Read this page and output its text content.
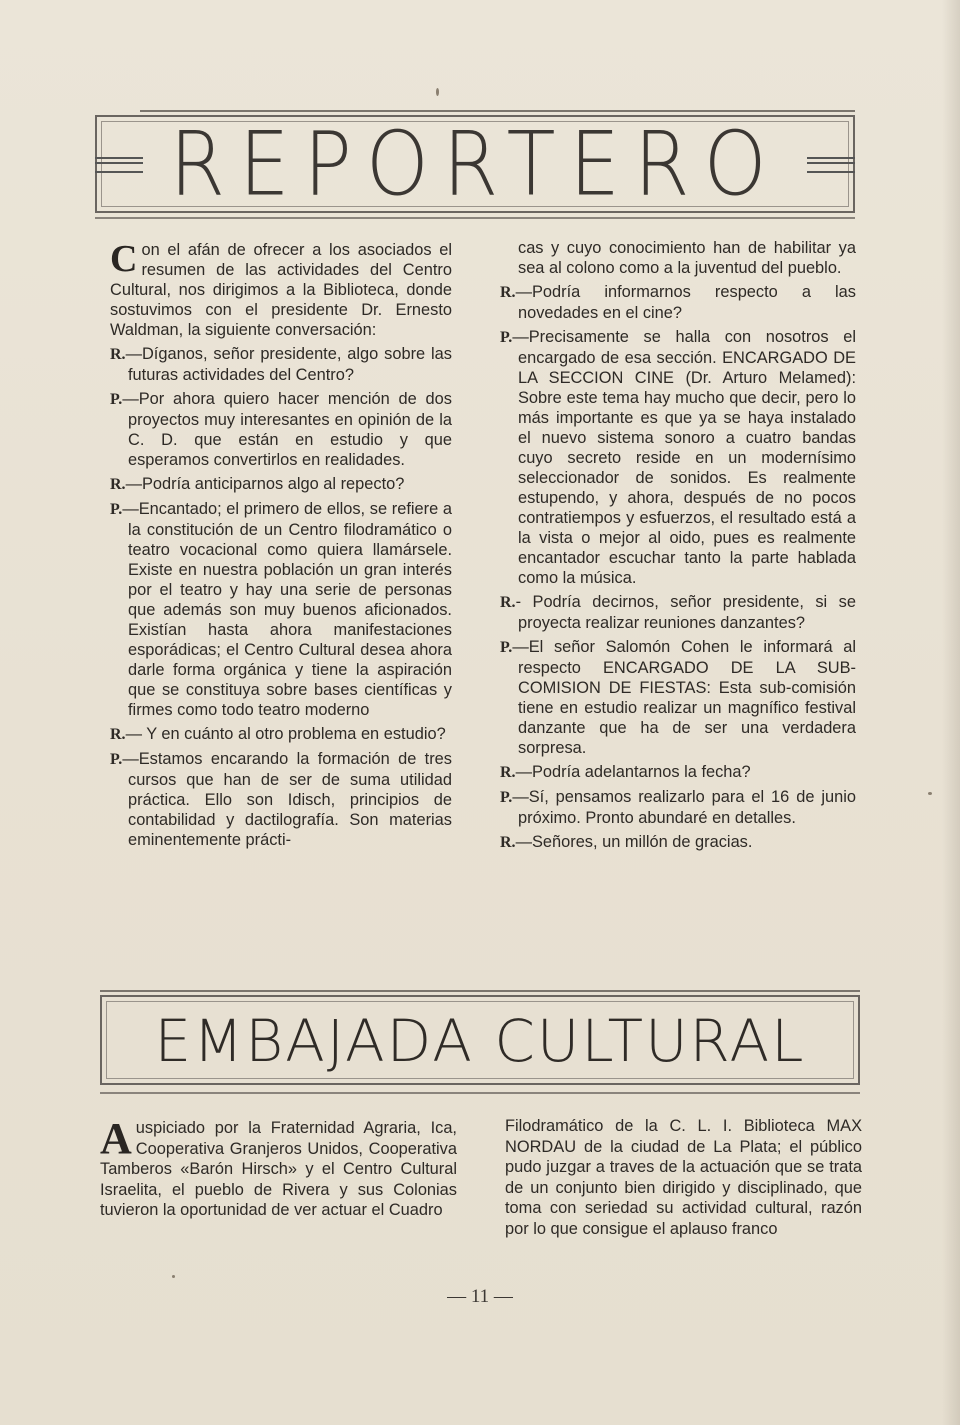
REPORTERO

Con el afán de ofrecer a los asociados el resumen de las actividades del Centro Cultural, nos dirigimos a la Biblioteca, donde sostuvimos con el presidente Dr. Ernesto Waldman, la siguiente conversación:

R.—Díganos, señor presidente, algo sobre las futuras actividades del Centro?

P.—Por ahora quiero hacer mención de dos proyectos muy interesantes en opinión de la C. D. que están en estudio y que esperamos convertirlos en realidades.

R.—Podría anticiparnos algo al repecto?

P.—Encantado; el primero de ellos, se refiere a la constitución de un Centro filodramático o teatro vocacional como quiera llamársele. Existe en nuestra población un gran interés por el teatro y hay una serie de personas que además son muy buenos aficionados. Existían hasta ahora manifestaciones esporádicas; el Centro Cultural desea ahora darle forma orgánica y tiene la aspiración que se constituya sobre bases científicas y firmes como todo teatro moderno

R.— Y en cuánto al otro problema en estudio?

P.—Estamos encarando la formación de tres cursos que han de ser de suma utilidad práctica. Ello son Idisch, principios de contabilidad y dactilografía. Son materias eminentemente prácti-

cas y cuyo conocimiento han de habilitar ya sea al colono como a la juventud del pueblo.

R.—Podría informarnos respecto a las novedades en el cine?

P.—Precisamente se halla con nosotros el encargado de esa sección. ENCARGADO DE LA SECCION CINE (Dr. Arturo Melamed): Sobre este tema hay mucho que decir, pero lo más importante es que ya se haya instalado el nuevo sistema sonoro a cuatro bandas cuyo secreto reside en un modernísimo seleccionador de sonidos. Es realmente estupendo, y ahora, después de no pocos contratiempos y esfuerzos, el resultado está a la vista o mejor al oido, pues es realmente encantador escuchar tanto la parte hablada como la música.

R.- Podría decirnos, señor presidente, si se proyecta realizar reuniones danzantes?

P.—El señor Salomón Cohen le informará al respecto ENCARGADO DE LA SUB-COMISION DE FIESTAS: Esta sub-comisión tiene en estudio realizar un magnífico festival danzante que ha de ser una verdadera sorpresa.

R.—Podría adelantarnos la fecha?

P.—Sí, pensamos realizarlo para el 16 de junio próximo. Pronto abundaré en detalles.

R.—Señores, un millón de gracias.

EMBAJADA CULTURAL

Auspiciado por la Fraternidad Agraria, Ica, Cooperativa Granjeros Unidos, Cooperativa Tamberos «Barón Hirsch» y el Centro Cultural Israelita, el pueblo de Rivera y sus Colonias tuvieron la oportunidad de ver actuar el Cuadro

Filodramático de la C. L. I. Biblioteca MAX NORDAU de la ciudad de La Plata; el público pudo juzgar a traves de la actuación que se trata de un conjunto bien dirigido y disciplinado, que toma con seriedad su actividad cultural, razón por lo que consigue el aplauso franco

— 11 —
